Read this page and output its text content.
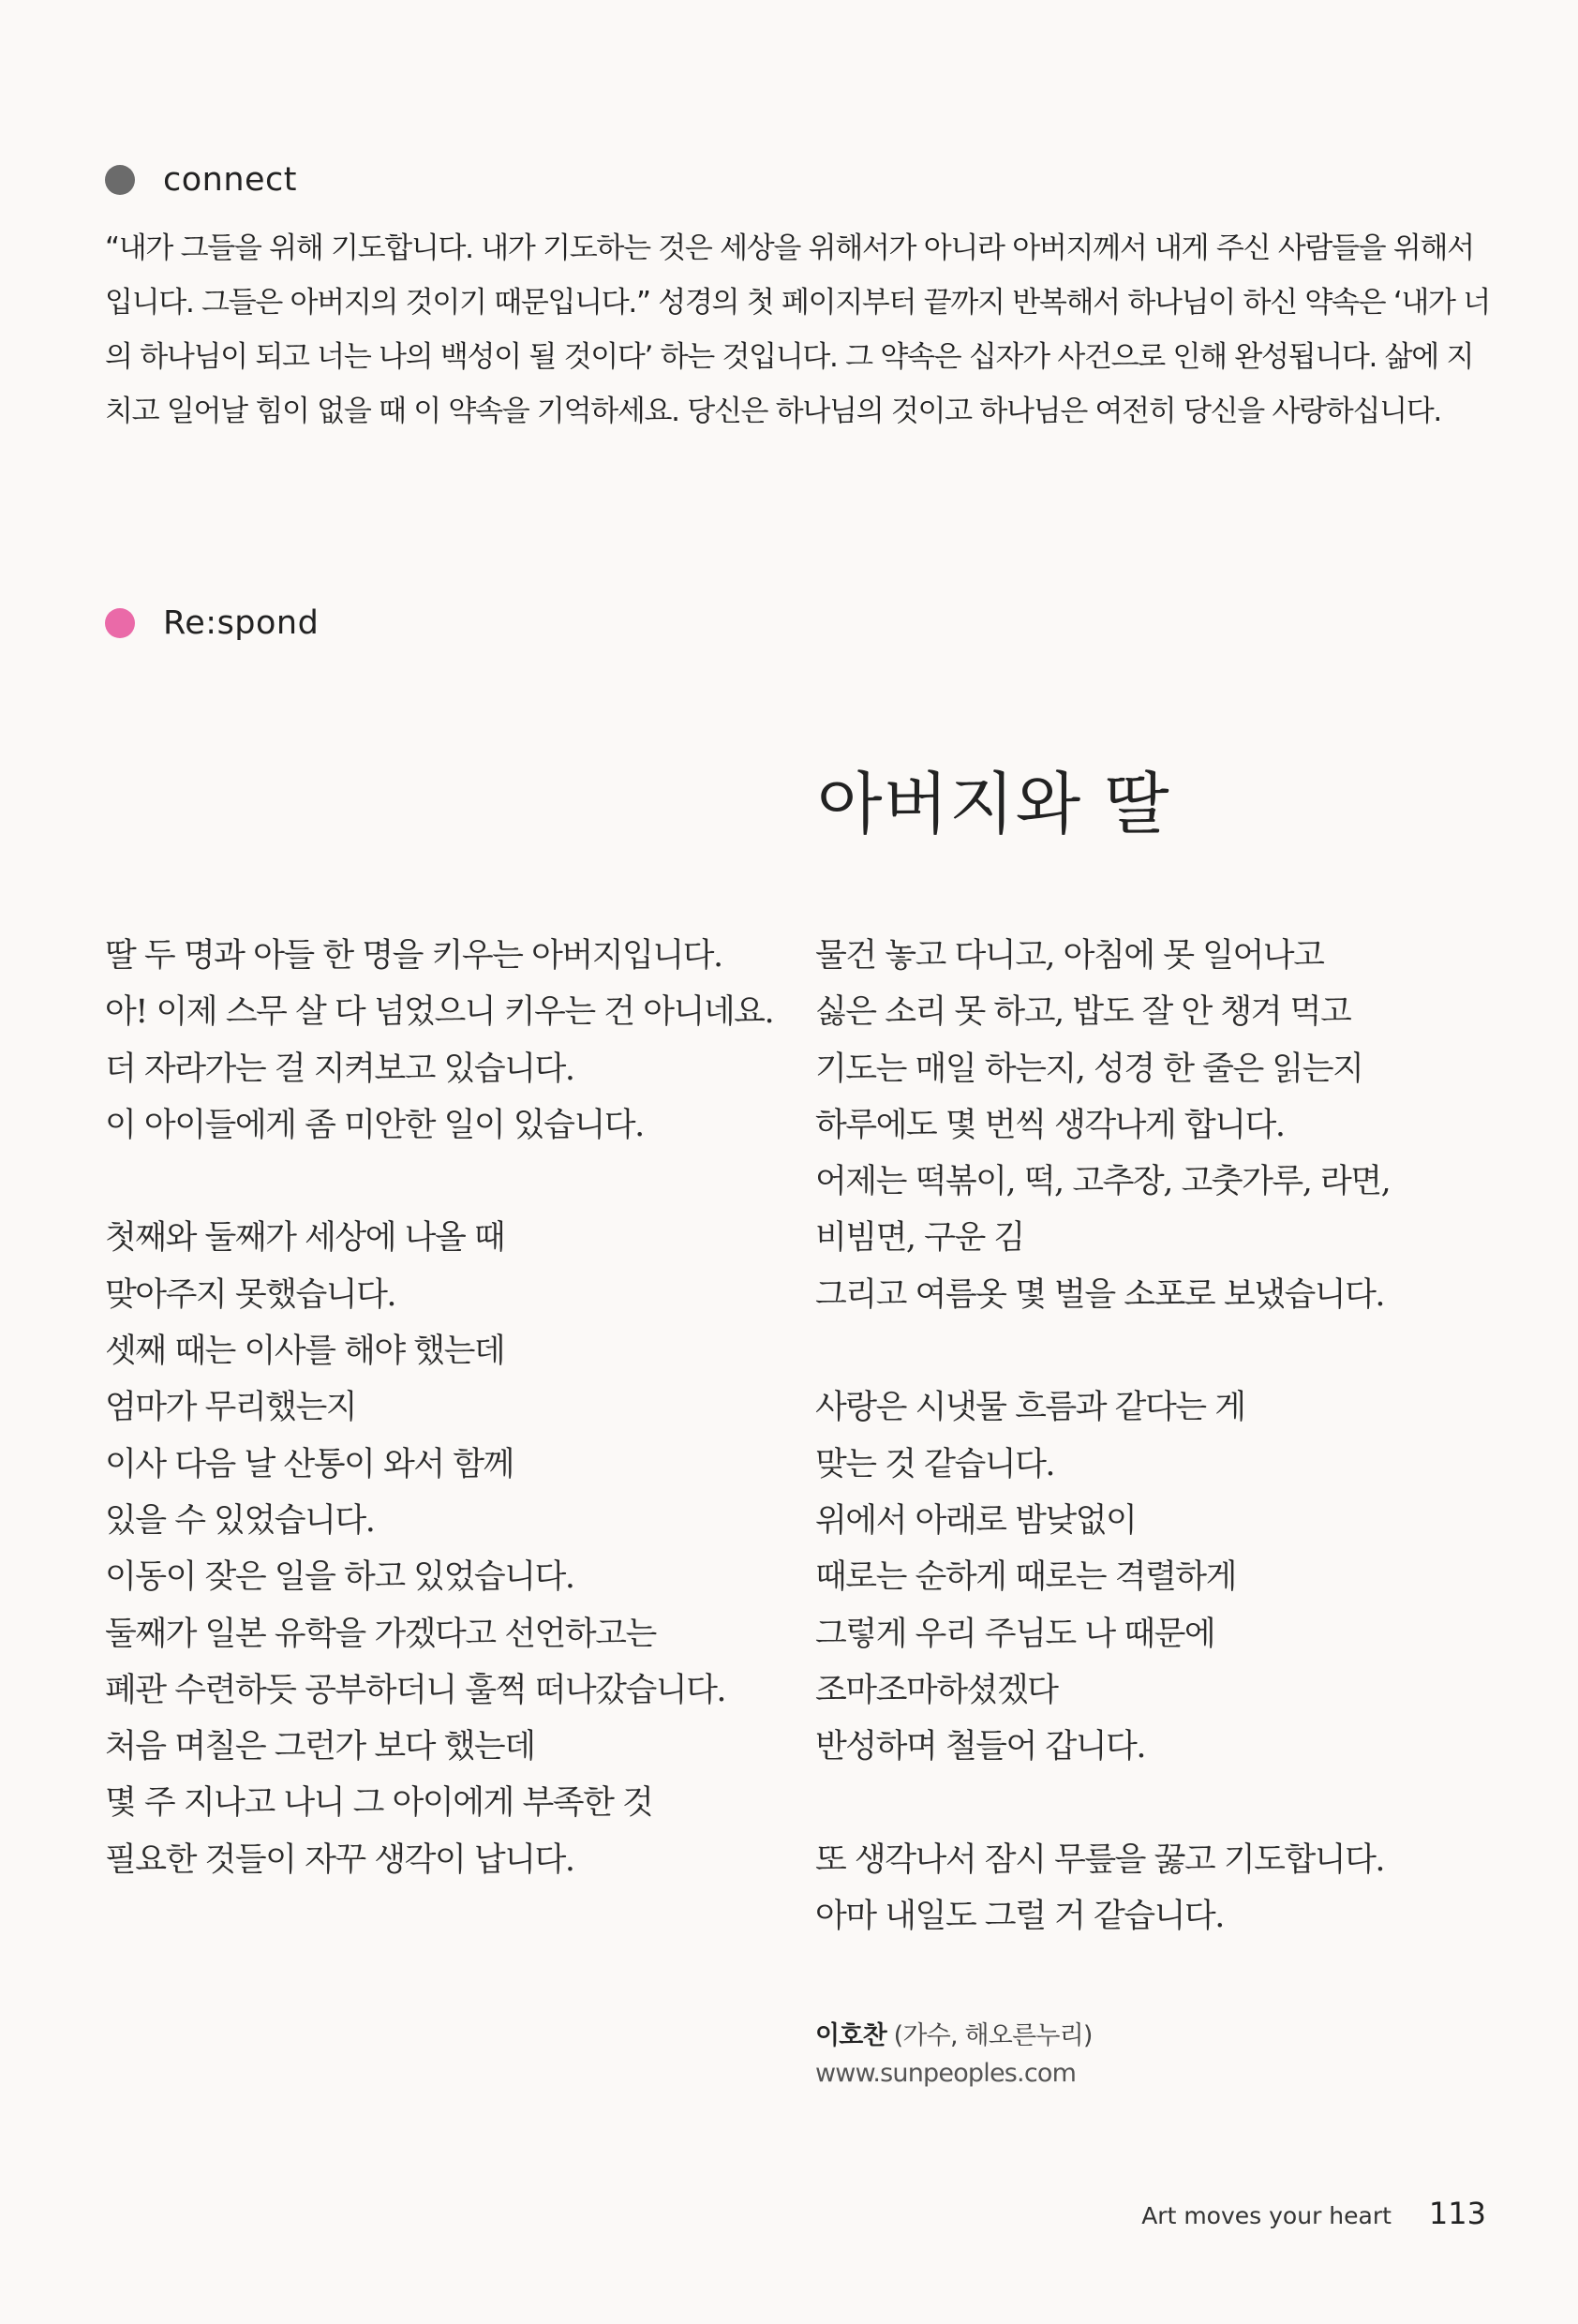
connect

“내가 그들을 위해 기도합니다. 내가 기도하는 것은 세상을 위해서가 아니라 아버지께서 내게 주신 사람들을 위해서

입니다. 그들은 아버지의 것이기 때문입니다.” 성경의 첫 페이지부터 끝까지 반복해서 하나님이 하신 약속은 ‘내가 너

의 하나님이 되고 너는 나의 백성이 될 것이다’ 하는 것입니다. 그 약속은 십자가 사건으로 인해 완성됩니다. 삶에 지

치고 일어날 힘이 없을 때 이 약속을 기억하세요. 당신은 하나님의 것이고 하나님은 여전히 당신을 사랑하십니다.

Re:spond
아버지와 딸
딸 두 명과 아들 한 명을 키우는 아버지입니다.
아! 이제 스무 살 다 넘었으니 키우는 건 아니네요.
더 자라가는 걸 지켜보고 있습니다.
이 아이들에게 좀 미안한 일이 있습니다.
첫째와 둘째가 세상에 나올 때
맞아주지 못했습니다.
셋째 때는 이사를 해야 했는데
엄마가 무리했는지
이사 다음 날 산통이 와서 함께
있을 수 있었습니다.
이동이 잦은 일을 하고 있었습니다.
둘째가 일본 유학을 가겠다고 선언하고는
폐관 수련하듯 공부하더니 훌쩍 떠나갔습니다.
처음 며칠은 그런가 보다 했는데
몇 주 지나고 나니 그 아이에게 부족한 것
필요한 것들이 자꾸 생각이 납니다.
물건 놓고 다니고, 아침에 못 일어나고
싫은 소리 못 하고, 밥도 잘 안 챙겨 먹고
기도는 매일 하는지, 성경 한 줄은 읽는지
하루에도 몇 번씩 생각나게 합니다.
어제는 떡볶이, 떡, 고추장, 고춧가루, 라면,
비빔면, 구운 김
그리고 여름옷 몇 벌을 소포로 보냈습니다.
사랑은 시냇물 흐름과 같다는 게
맞는 것 같습니다.
위에서 아래로 밤낮없이
때로는 순하게 때로는 격렬하게
그렇게 우리 주님도 나 때문에
조마조마하셨겠다
반성하며 철들어 갑니다.
또 생각나서 잠시 무릎을 꿇고 기도합니다.
아마 내일도 그럴 거 같습니다.
이호찬 (가수, 해오른누리)
www.sunpeoples.com
Art moves your heart 113
